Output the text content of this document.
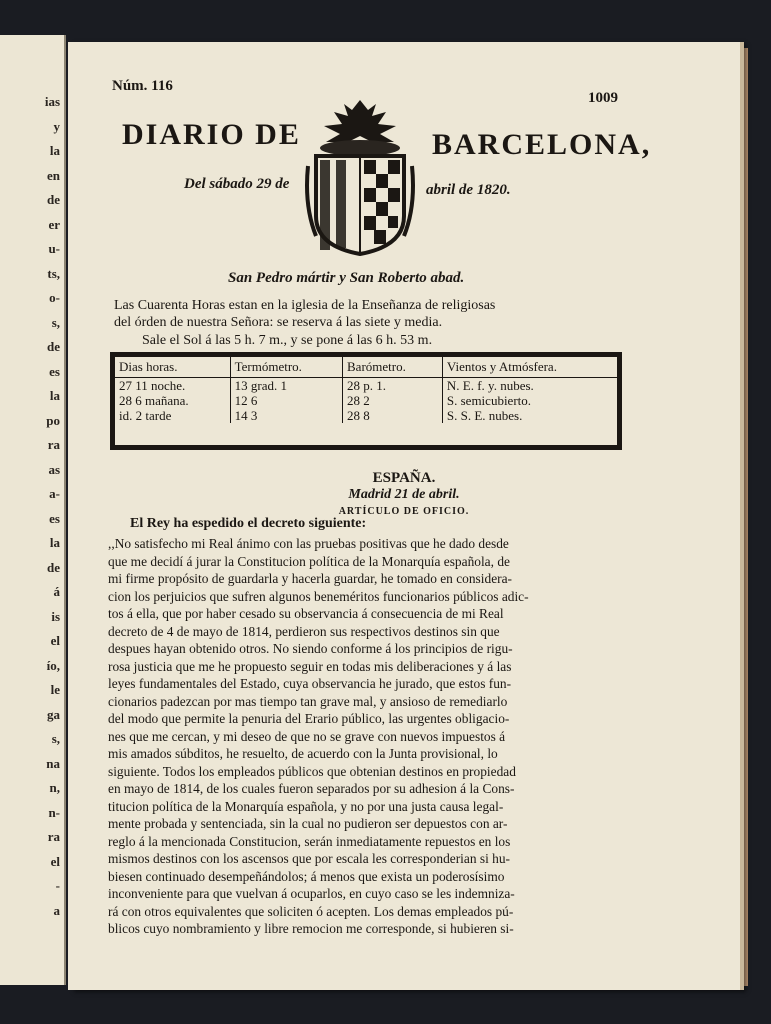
ias
y
la
en
de
er
u-
ts,
o-
s,
de
es
la
po
ra
as
a-
es
la
de
á
is
el
ío,
le
ga
s,
na
n,
n-
ra
el
-
a
Núm. 116
1009
DIARIO DE	BARCELONA,
Del sábado 29 de	abril de 1820.
San Pedro mártir y San Roberto abad.
Las Cuarenta Horas estan en la iglesia de la Enseñanza de religiosas
del órden de nuestra Señora: se reserva á las siete y media.
Sale el Sol á las 5 h. 7 m., y se pone á las 6 h. 53 m.
Dias horas.	Termómetro.	Barómetro.	Vientos y Atmósfera.
27 11 noche.	13 grad. 1	28 p. 1.	N. E. f. y. nubes.
28 6 mañana.	12 6	28 2	S. semicubierto.
id. 2 tarde	14 3	28 8	S. S. E. nubes.
ESPAÑA.
Madrid 21 de abril.
ARTÍCULO DE OFICIO.
El Rey ha espedido el decreto siguiente:
,,No satisfecho mi Real ánimo con las pruebas positivas que he dado desde
que me decidí á jurar la Constitucion política de la Monarquía española, de
mi firme propósito de guardarla y hacerla guardar, he tomado en considera-
cion los perjuicios que sufren algunos beneméritos funcionarios públicos adic-
tos á ella, que por haber cesado su observancia á consecuencia de mi Real
decreto de 4 de mayo de 1814, perdieron sus respectivos destinos sin que
despues hayan obtenido otros. No siendo conforme á los principios de rigu-
rosa justicia que me he propuesto seguir en todas mis deliberaciones y á las
leyes fundamentales del Estado, cuya observancia he jurado, que estos fun-
cionarios padezcan por mas tiempo tan grave mal, y ansioso de remediarlo
del modo que permite la penuria del Erario público, las urgentes obligacio-
nes que me cercan, y mi deseo de que no se grave con nuevos impuestos á
mis amados súbditos, he resuelto, de acuerdo con la Junta provisional, lo
siguiente. Todos los empleados públicos que obtenian destinos en propiedad
en mayo de 1814, de los cuales fueron separados por su adhesion á la Cons-
titucion política de la Monarquía española, y no por una justa causa legal-
mente probada y sentenciada, sin la cual no pudieron ser depuestos con ar-
reglo á la mencionada Constitucion, serán inmediatamente repuestos en los
mismos destinos con los ascensos que por escala les corresponderian si hu-
biesen continuado desempeñándolos; á menos que exista un poderosísimo
inconveniente para que vuelvan á ocuparlos, en cuyo caso se les indemniza-
rá con otros equivalentes que soliciten ó acepten. Los demas empleados pú-
blicos cuyo nombramiento y libre remocion me corresponde, si hubieren si-
